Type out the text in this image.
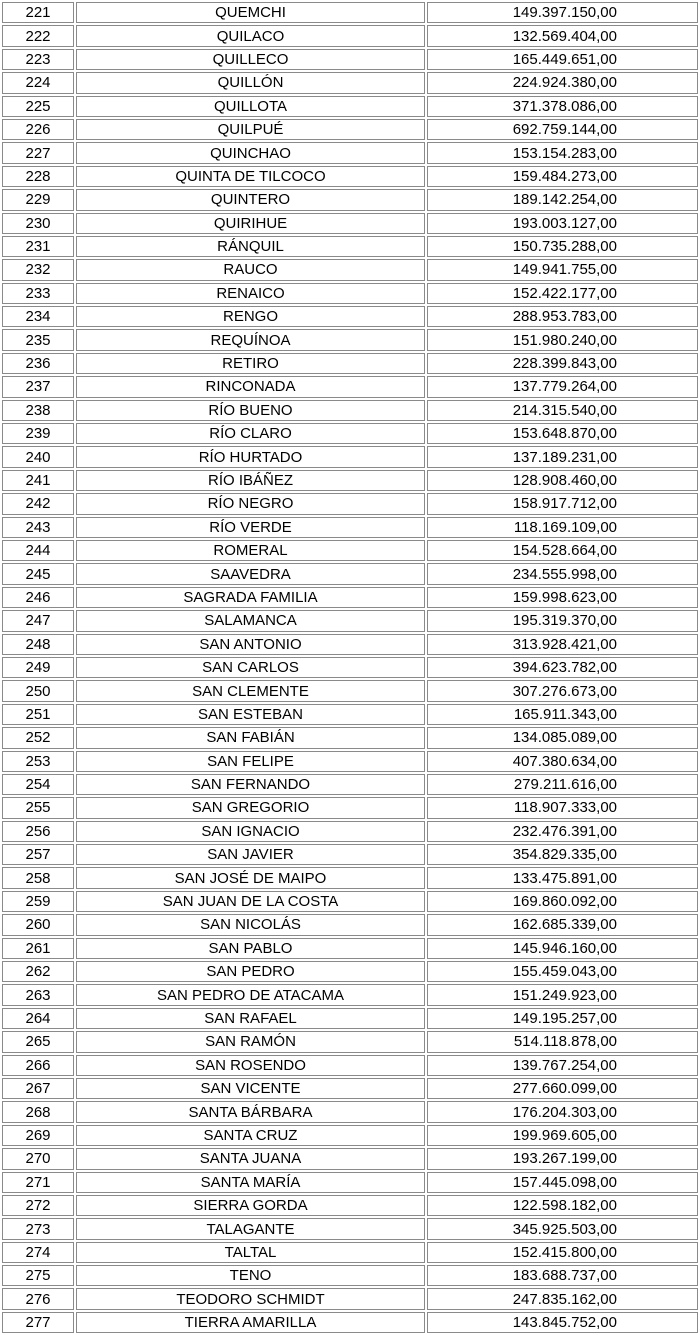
221	QUEMCHI	149.397.150,00
222	QUILACO	132.569.404,00
223	QUILLECO	165.449.651,00
224	QUILLÓN	224.924.380,00
225	QUILLOTA	371.378.086,00
226	QUILPUÉ	692.759.144,00
227	QUINCHAO	153.154.283,00
228	QUINTA DE TILCOCO	159.484.273,00
229	QUINTERO	189.142.254,00
230	QUIRIHUE	193.003.127,00
231	RÁNQUIL	150.735.288,00
232	RAUCO	149.941.755,00
233	RENAICO	152.422.177,00
234	RENGO	288.953.783,00
235	REQUÍNOA	151.980.240,00
236	RETIRO	228.399.843,00
237	RINCONADA	137.779.264,00
238	RÍO BUENO	214.315.540,00
239	RÍO CLARO	153.648.870,00
240	RÍO HURTADO	137.189.231,00
241	RÍO IBÁÑEZ	128.908.460,00
242	RÍO NEGRO	158.917.712,00
243	RÍO VERDE	118.169.109,00
244	ROMERAL	154.528.664,00
245	SAAVEDRA	234.555.998,00
246	SAGRADA FAMILIA	159.998.623,00
247	SALAMANCA	195.319.370,00
248	SAN ANTONIO	313.928.421,00
249	SAN CARLOS	394.623.782,00
250	SAN CLEMENTE	307.276.673,00
251	SAN ESTEBAN	165.911.343,00
252	SAN FABIÁN	134.085.089,00
253	SAN FELIPE	407.380.634,00
254	SAN FERNANDO	279.211.616,00
255	SAN GREGORIO	118.907.333,00
256	SAN IGNACIO	232.476.391,00
257	SAN JAVIER	354.829.335,00
258	SAN JOSÉ DE MAIPO	133.475.891,00
259	SAN JUAN DE LA COSTA	169.860.092,00
260	SAN NICOLÁS	162.685.339,00
261	SAN PABLO	145.946.160,00
262	SAN PEDRO	155.459.043,00
263	SAN PEDRO DE ATACAMA	151.249.923,00
264	SAN RAFAEL	149.195.257,00
265	SAN RAMÓN	514.118.878,00
266	SAN ROSENDO	139.767.254,00
267	SAN VICENTE	277.660.099,00
268	SANTA BÁRBARA	176.204.303,00
269	SANTA CRUZ	199.969.605,00
270	SANTA JUANA	193.267.199,00
271	SANTA MARÍA	157.445.098,00
272	SIERRA GORDA	122.598.182,00
273	TALAGANTE	345.925.503,00
274	TALTAL	152.415.800,00
275	TENO	183.688.737,00
276	TEODORO SCHMIDT	247.835.162,00
277	TIERRA AMARILLA	143.845.752,00
